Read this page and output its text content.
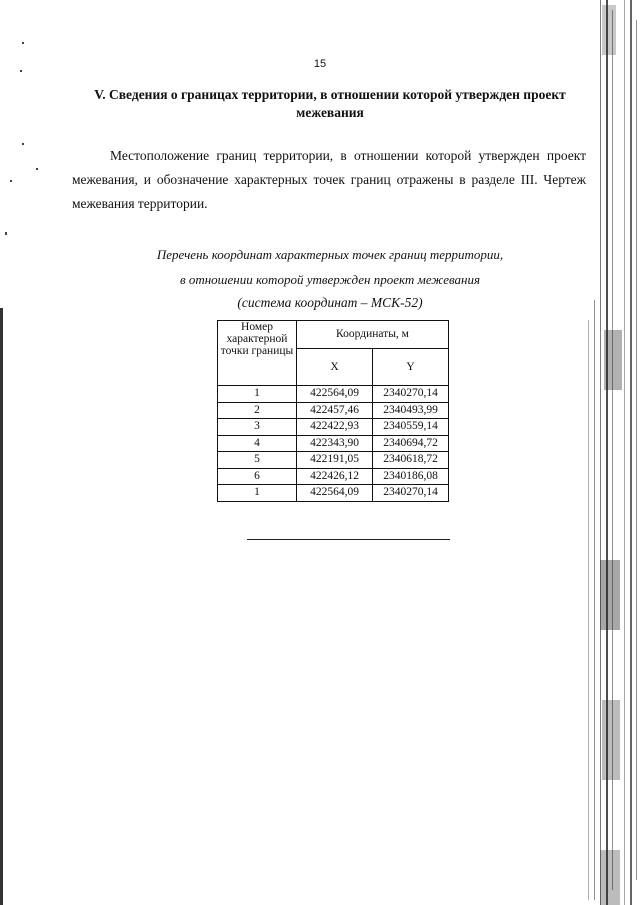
15
V. Сведения о границах территории, в отношении которой утвержден проект межевания
Местоположение границ территории, в отношении которой утвержден проект межевания, и обозначение характерных точек границ отражены в разделе III. Чертеж межевания территории.
Перечень координат характерных точек границ территории,
в отношении которой утвержден проект межевания
(система координат – МСК-52)
Номер характерной точки границы	Координаты, м	
	X	Y
1	422564,09	2340270,14
2	422457,46	2340493,99
3	422422,93	2340559,14
4	422343,90	2340694,72
5	422191,05	2340618,72
6	422426,12	2340186,08
1	422564,09	2340270,14
